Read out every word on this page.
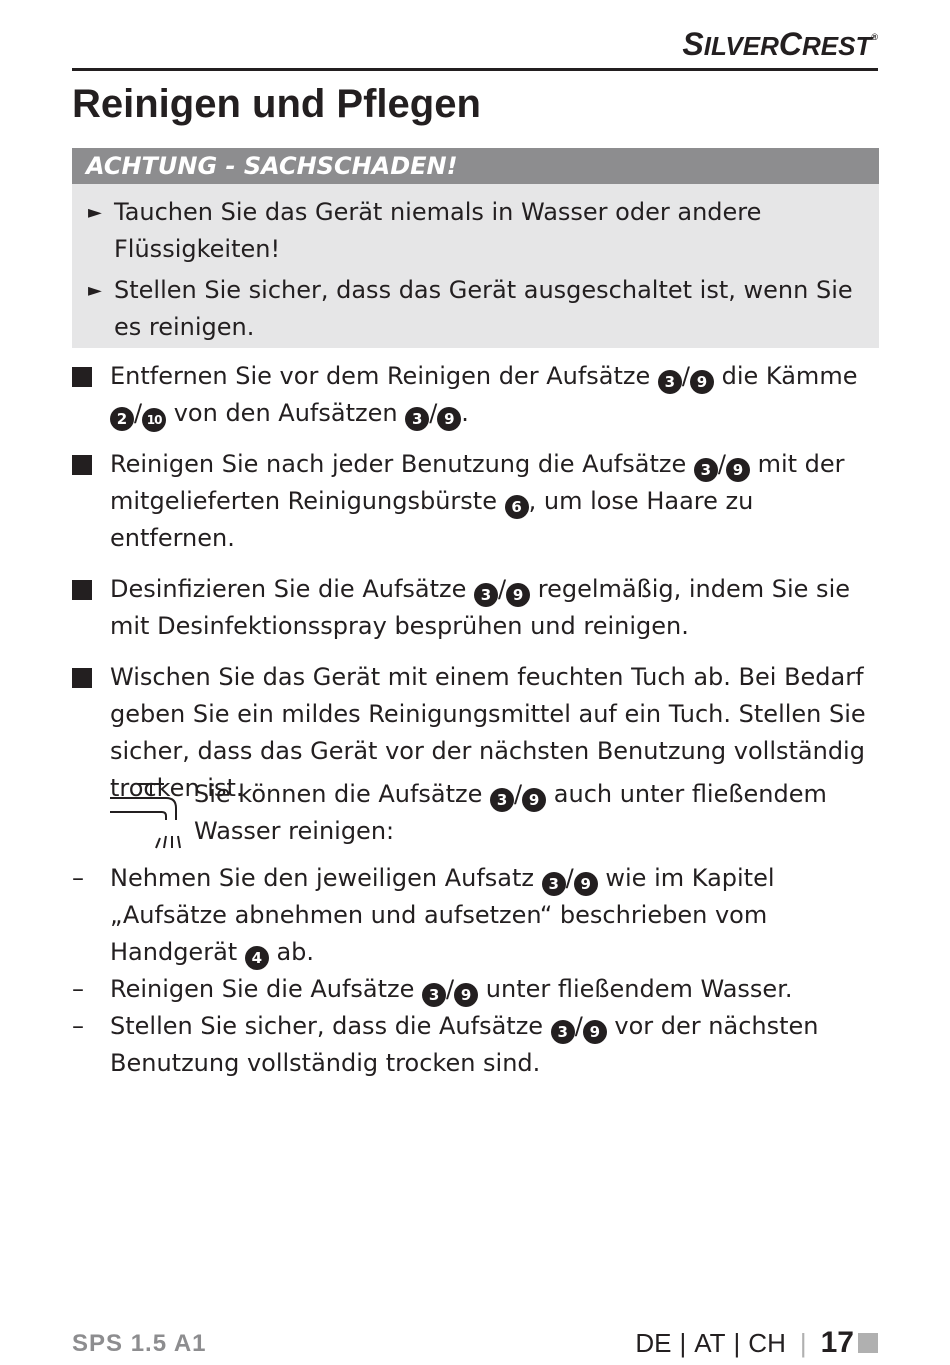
SILVERCREST®
Reinigen und Pflegen
ACHTUNG - SACHSCHADEN!
► Tauchen Sie das Gerät niemals in Wasser oder andere Flüssigkeiten!
► Stellen Sie sicher, dass das Gerät ausgeschaltet ist, wenn Sie es reinigen.
Entfernen Sie vor dem Reinigen der Aufsätze 3 / 9 die Kämme 2 / 10 von den Aufsätzen 3 / 9 .
Reinigen Sie nach jeder Benutzung die Aufsätze 3 / 9 mit der mitgelieferten Reinigungsbürste 6 , um lose Haare zu entfernen.
Desinfizieren Sie die Aufsätze 3 / 9 regelmäßig, indem Sie sie mit Desinfektionsspray besprühen und reinigen.
Wischen Sie das Gerät mit einem feuchten Tuch ab. Bei Bedarf geben Sie ein mildes Reinigungsmittel auf ein Tuch. Stellen Sie sicher, dass das Gerät vor der nächsten Benutzung vollständig trocken ist.
Sie können die Aufsätze 3 / 9 auch unter fließendem Wasser reinigen:
– Nehmen Sie den jeweiligen Aufsatz 3 / 9 wie im Kapitel „Aufsätze abnehmen und aufsetzen“ beschrieben vom Handgerät 4 ab.
– Reinigen Sie die Aufsätze 3 / 9 unter fließendem Wasser.
– Stellen Sie sicher, dass die Aufsätze 3 / 9 vor der nächsten Benutzung vollständig trocken sind.
SPS 1.5 A1	DE | AT | CH | 17
